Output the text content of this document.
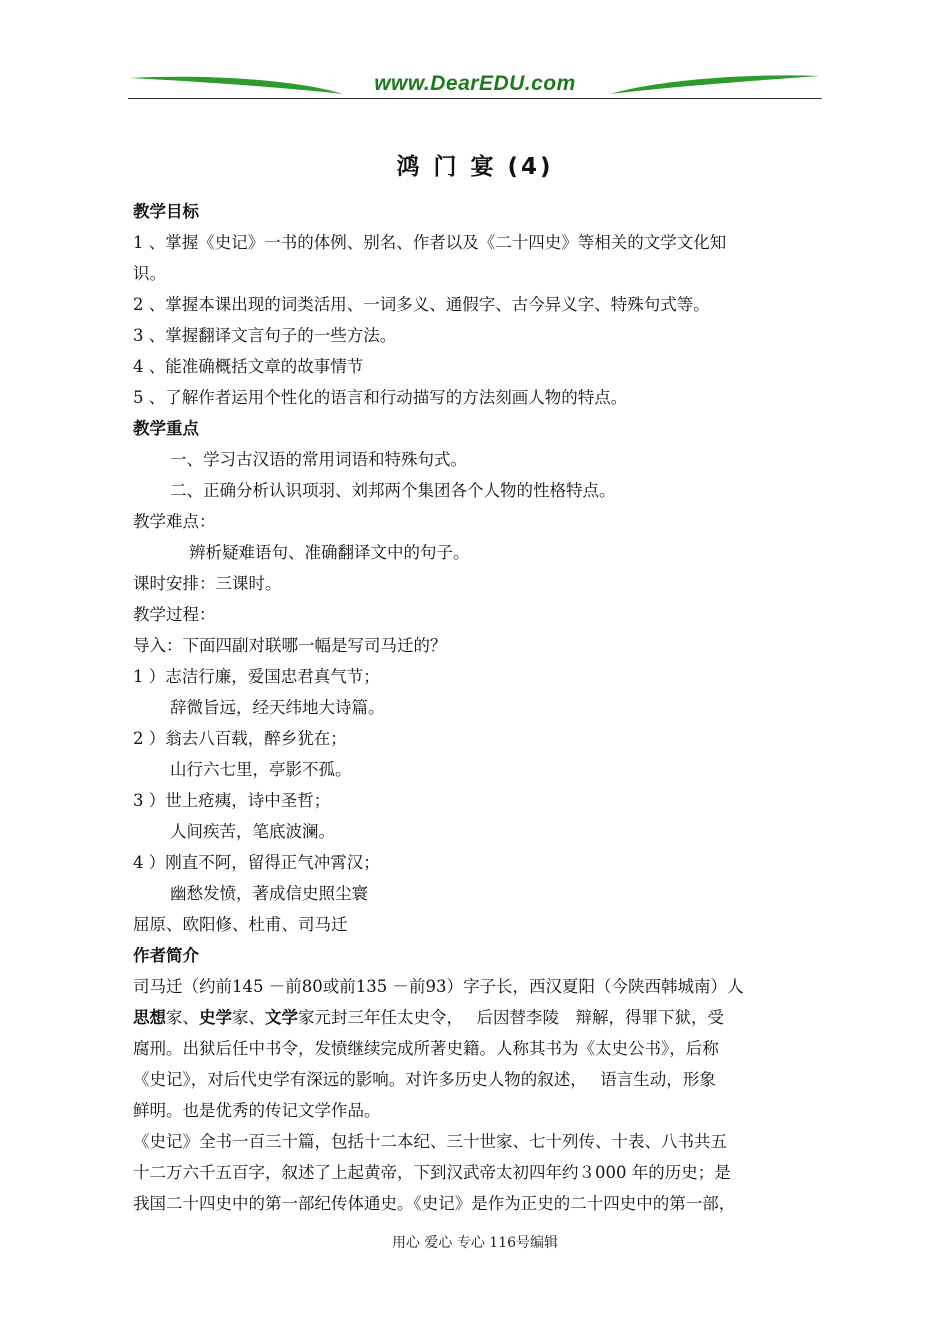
www.DearEDU.com
鸿 门 宴 (4)
教学目标
1 、掌握《史记》一书的体例、别名、作者以及《二十四史》等相关的文学文化知
识。
2 、掌握本课出现的词类活用、一词多义、通假字、古今异义字、特殊句式等。
3 、掌握翻译文言句子的一些方法。
4 、能准确概括文章的故事情节
5 、了解作者运用个性化的语言和行动描写的方法刻画人物的特点。
教学重点
一、学习古汉语的常用词语和特殊句式。
二、正确分析认识项羽、刘邦两个集团各个人物的性格特点。
教学难点：
辨析疑难语句、准确翻译文中的句子。
课时安排：三课时。
教学过程：
导入：下面四副对联哪一幅是写司马迁的？
1 ）志洁行廉，爱国忠君真气节；
辞微旨远，经天纬地大诗篇。
2 ）翁去八百载，醉乡犹在；
山行六七里，亭影不孤。
3 ）世上疮痍，诗中圣哲；
人间疾苦，笔底波澜。
4 ）刚直不阿，留得正气冲霄汉；
幽愁发愤，著成信史照尘寰
屈原、欧阳修、杜甫、司马迁
作者简介
司马迁（约前145 －前80或前135 －前93）字子长，西汉夏阳（今陕西韩城南）人
思想家、史学家、文学家元封三年任太史令，　 后因替李陵　辩解，得罪下狱，受
腐刑。出狱后任中书令，发愤继续完成所著史籍。人称其书为《太史公书》，后称
《史记》，对后代史学有深远的影响。对许多历史人物的叙述，　 语言生动，形象
鲜明。也是优秀的传记文学作品。
《史记》全书一百三十篇，包括十二本纪、三十世家、七十列传、十表、八书共五
十二万六千五百字，叙述了上起黄帝，下到汉武帝太初四年约３000 年的历史；是
我国二十四史中的第一部纪传体通史。《史记》是作为正史的二十四史中的第一部，
用心 爱心 专心 116号编辑
